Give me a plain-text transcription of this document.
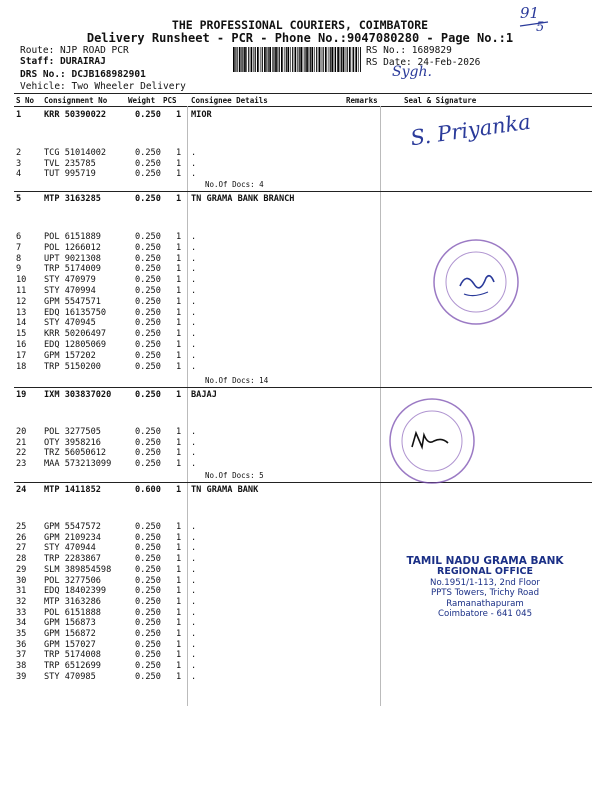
THE PROFESSIONAL COURIERS, COIMBATORE
Delivery Runsheet - PCR - Phone No.:9047080280 - Page No.:1
Route: NJP ROAD PCR
Staff: DURAIRAJ
DRS No.: DCJB168982901
Vehicle: Two Wheeler Delivery
RS No.: 1689829
RS Date: 24-Feb-2026
91
5
Sygh.
S No Consignment No	Weight PCS Consignee Details	Remarks	Seal & Signature
1	KRR 50390022	0.250 1 MIOR
2	TCG 51014002	0.250 1 .
3	TVL 235785	0.250 1 .
4	TUT 995719	0.250 1 .
5	MTP 3163285	0.250 1 TN GRAMA BANK BRANCH
6	POL 6151889	0.250 1 .
7	POL 1266012	0.250 1 .
8	UPT 9021308	0.250 1 .
9	TRP 5174009	0.250 1 .
10 STY 470979	0.250 1 .
11 STY 470994	0.250 1 .
12 GPM 5547571	0.250 1 .
13 EDQ 16135750	0.250 1 .
14 STY 470945	0.250 1 .
15 KRR 50206497	0.250 1 .
16 EDQ 12805069	0.250 1 .
17 GPM 157202	0.250 1 .
18 TRP 5150200	0.250 1 .
19 IXM 303837020	0.250 1 BAJAJ
20 POL 3277505	0.250 1 .
21 OTY 3958216	0.250 1 .
22 TRZ 56050612	0.250 1 .
23 MAA 573213099	0.250 1 .
24 MTP 1411852	0.600 1 TN GRAMA BANK
25 GPM 5547572	0.250 1 .
26 GPM 2109234	0.250 1 .
27 STY 470944	0.250 1 .
28 TRP 2283867	0.250 1 .
29 SLM 389854598	0.250 1 .
30 POL 3277506	0.250 1 .
31 EDQ 18402399	0.250 1 .
32 MTP 3163286	0.250 1 .
33 POL 6151888	0.250 1 .
34 GPM 156873	0.250 1 .
35 GPM 156872	0.250 1 .
36 GPM 157027	0.250 1 .
37 TRP 5174008	0.250 1 .
38 TRP 6512699	0.250 1 .
39 STY 470985	0.250 1 .
No.Of Docs: 4
No.Of Docs: 14
No.Of Docs: 5
S. Priyanka
TAMIL NADU GRAMA BANK
REGIONAL OFFICE
No.1951/1-113, 2nd Floor
PPTS Towers, Trichy Road
Ramanathapuram
Coimbatore - 641 045
